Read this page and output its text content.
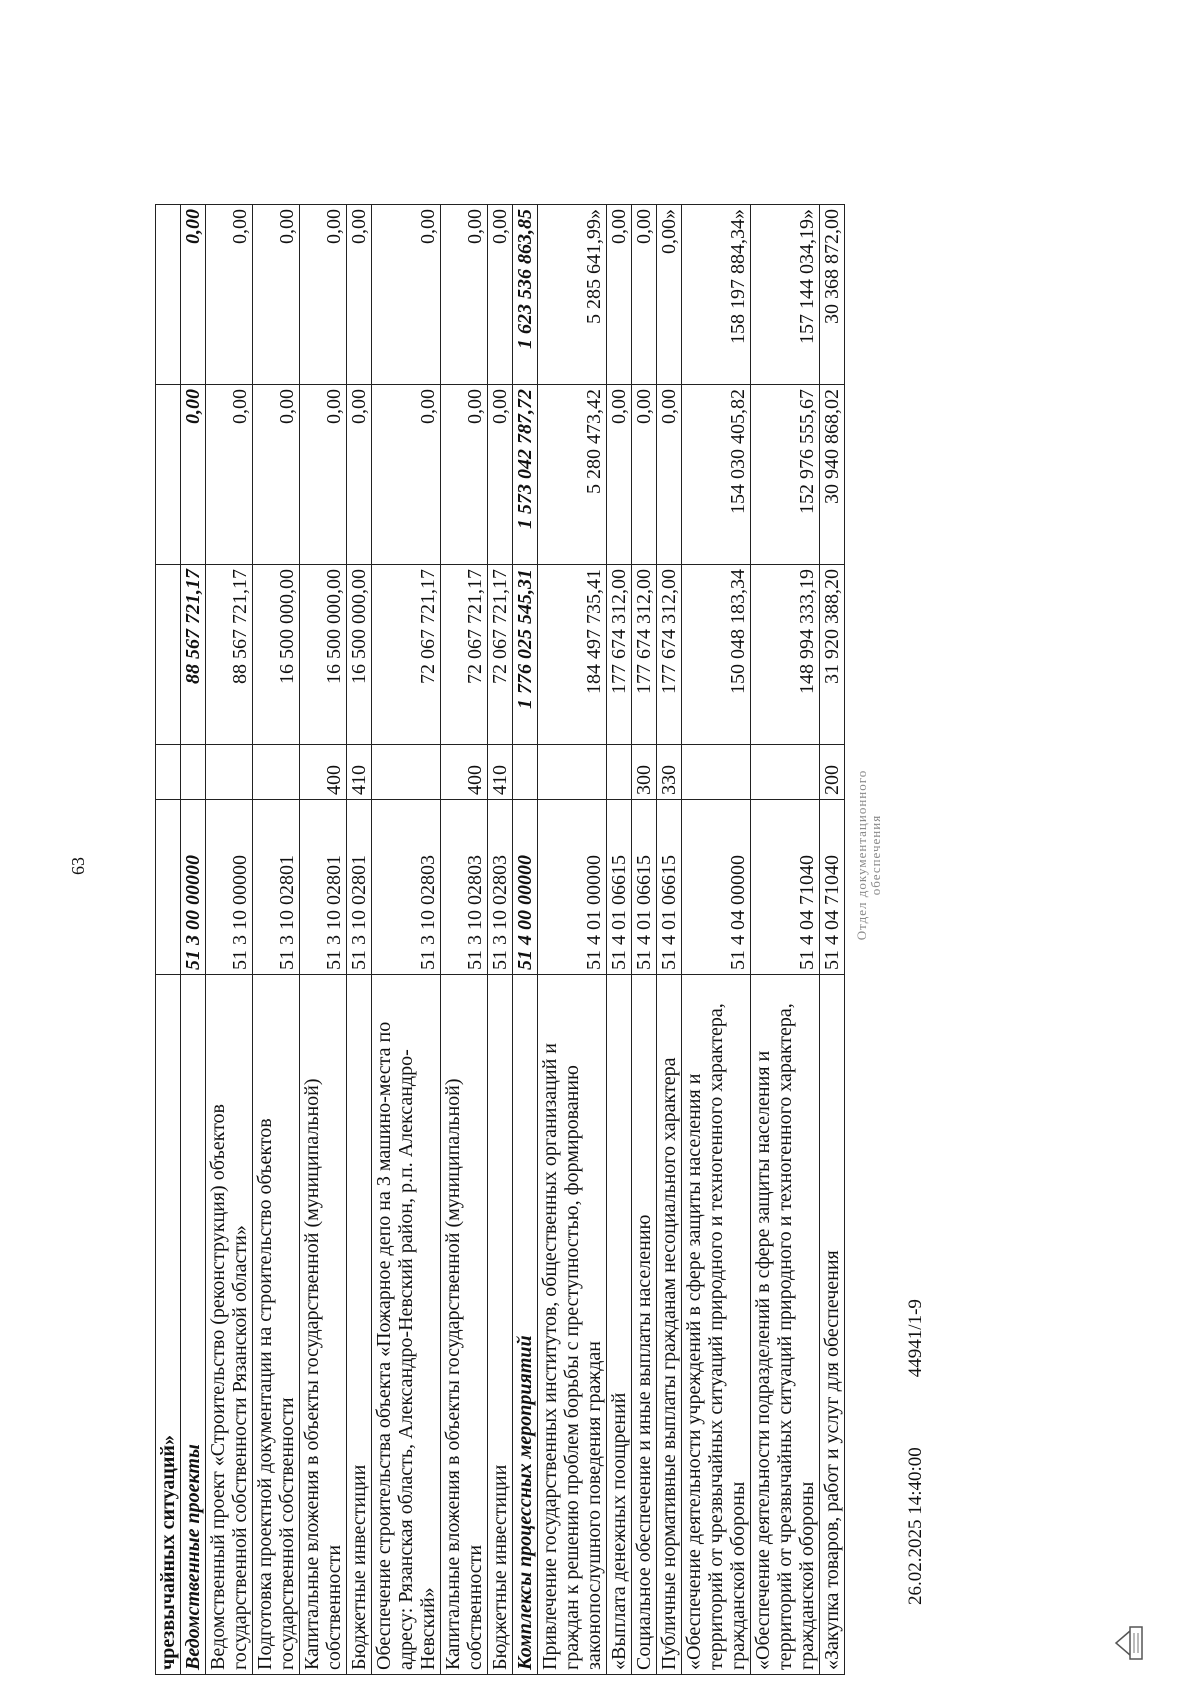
63
чрезвычайных ситуаций»					
Ведомственные проекты	51 3 00 00000		88 567 721,17	0,00	0,00
Ведомственный проект «Строительство (реконструкция) объектов государственной собственности Рязанской области»	51 3 10 00000		88 567 721,17	0,00	0,00
Подготовка проектной документации на строительство объектов государственной собственности	51 3 10 02801		16 500 000,00	0,00	0,00
Капитальные вложения в объекты государственной (муниципальной) собственности	51 3 10 02801	400	16 500 000,00	0,00	0,00
Бюджетные инвестиции	51 3 10 02801	410	16 500 000,00	0,00	0,00
Обеспечение строительства объекта «Пожарное депо на 3 машино-места по адресу: Рязанская область, Александро-Невский район, р.п. Александро-Невский»	51 3 10 02803		72 067 721,17	0,00	0,00
Капитальные вложения в объекты государственной (муниципальной) собственности	51 3 10 02803	400	72 067 721,17	0,00	0,00
Бюджетные инвестиции	51 3 10 02803	410	72 067 721,17	0,00	0,00
Комплексы процессных мероприятий	51 4 00 00000		1 776 025 545,31	1 573 042 787,72	1 623 536 863,85
Привлечение государственных институтов, общественных организаций и граждан к решению проблем борьбы с преступностью, формированию законопослушного поведения граждан	51 4 01 00000		184 497 735,41	5 280 473,42	5 285 641,99»
«Выплата денежных поощрений	51 4 01 06615		177 674 312,00	0,00	0,00
Социальное обеспечение и иные выплаты населению	51 4 01 06615	300	177 674 312,00	0,00	0,00
Публичные нормативные выплаты гражданам несоциального характера	51 4 01 06615	330	177 674 312,00	0,00	0,00»
«Обеспечение деятельности учреждений в сфере защиты населения и территорий от чрезвычайных ситуаций природного и техногенного характера, гражданской обороны	51 4 04 00000		150 048 183,34	154 030 405,82	158 197 884,34»
«Обеспечение деятельности подразделений в сфере защиты населения и территорий от чрезвычайных ситуаций природного и техногенного характера, гражданской обороны	51 4 04 71040		148 994 333,19	152 976 555,67	157 144 034,19»
«Закупка товаров, работ и услуг для обеспечения	51 4 04 71040	200	31 920 388,20	30 940 868,02	30 368 872,00
Отдел документационного обеспечения
26.02.2025 14:40:00
44941/1-9
